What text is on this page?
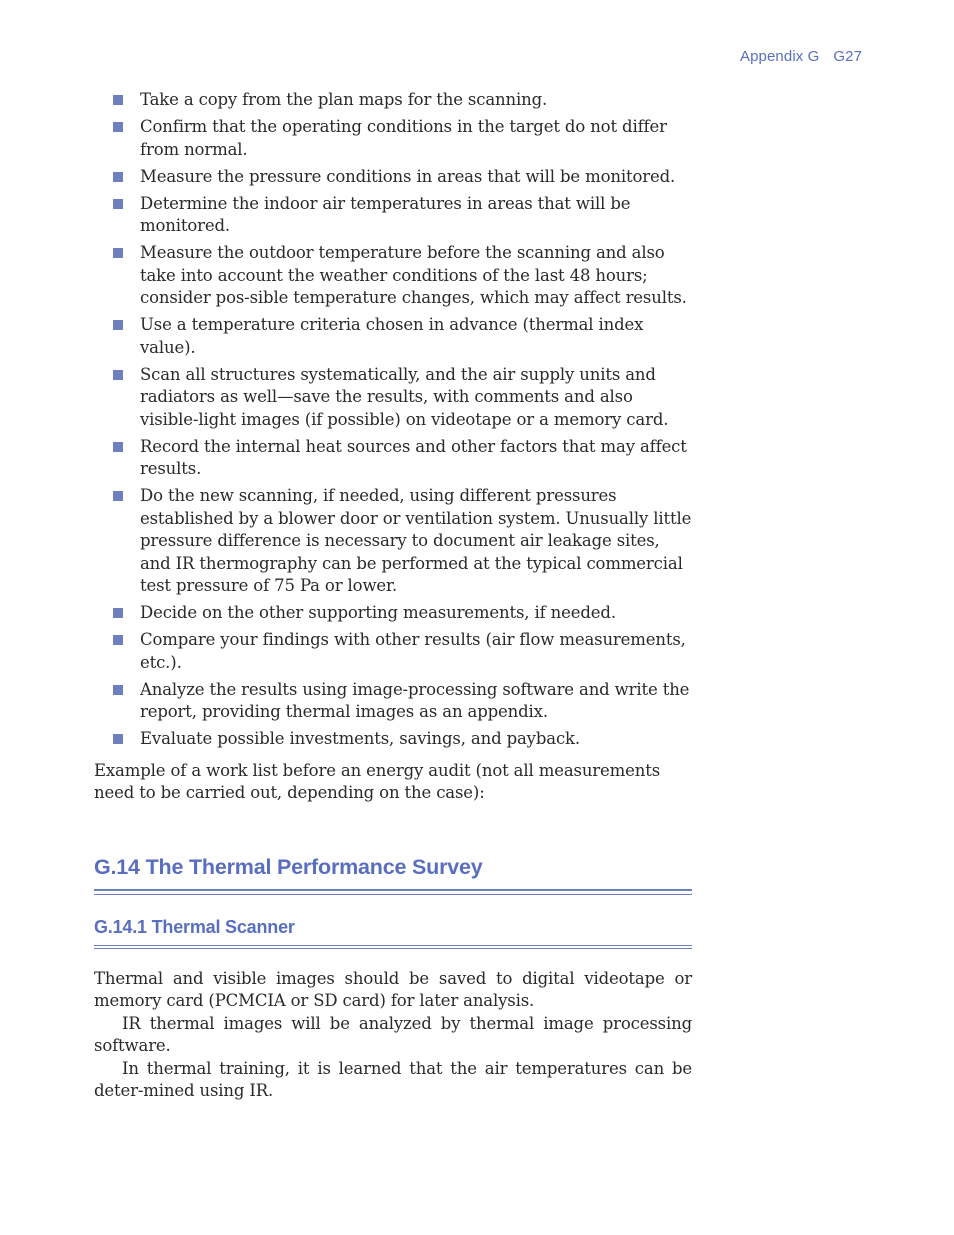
Appendix G G27
Take a copy from the plan maps for the scanning.
Confirm that the operating conditions in the target do not differ from normal.
Measure the pressure conditions in areas that will be monitored.
Determine the indoor air temperatures in areas that will be monitored.
Measure the outdoor temperature before the scanning and also take into account the weather conditions of the last 48 hours; consider pos-sible temperature changes, which may affect results.
Use a temperature criteria chosen in advance (thermal index value).
Scan all structures systematically, and the air supply units and radiators as well—save the results, with comments and also visible-light images (if possible) on videotape or a memory card.
Record the internal heat sources and other factors that may affect results.
Do the new scanning, if needed, using different pressures established by a blower door or ventilation system. Unusually little pressure difference is necessary to document air leakage sites, and IR thermography can be performed at the typical commercial test pressure of 75 Pa or lower.
Decide on the other supporting measurements, if needed.
Compare your findings with other results (air flow measurements, etc.).
Analyze the results using image-processing software and write the report, providing thermal images as an appendix.
Evaluate possible investments, savings, and payback.

Example of a work list before an energy audit (not all measurements need to be carried out, depending on the case):

G.14 The Thermal Performance Survey
G.14.1 Thermal Scanner

Thermal and visible images should be saved to digital videotape or memory card (PCMCIA or SD card) for later analysis.

IR thermal images will be analyzed by thermal image processing software.

In thermal training, it is learned that the air temperatures can be deter-mined using IR.
